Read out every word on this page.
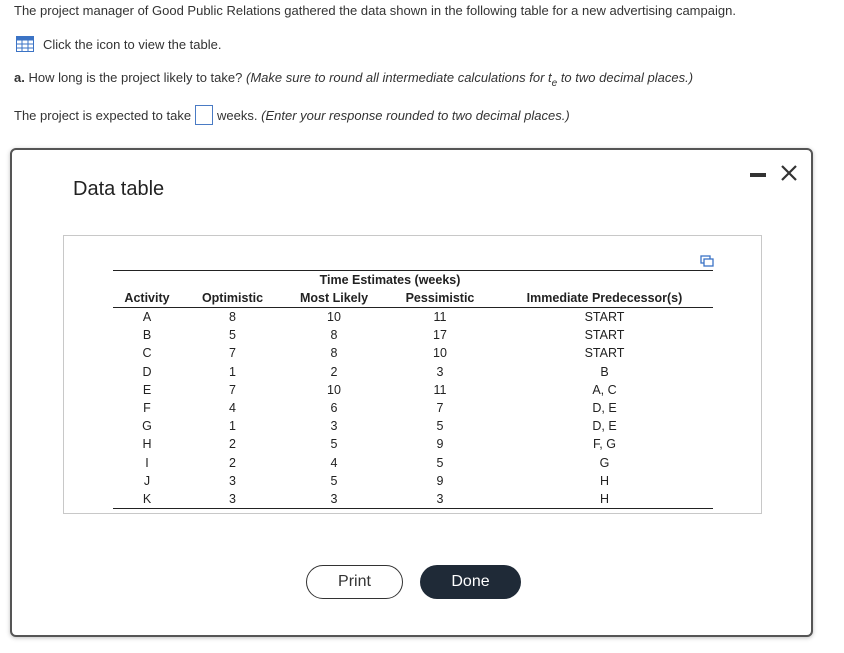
The project manager of Good Public Relations gathered the data shown in the following table for a new advertising campaign.
Click the icon to view the table.
a. How long is the project likely to take? (Make sure to round all intermediate calculations for $t_e$ to two decimal places.)
The project is expected to take weeks.
(Enter your response rounded to two decimal places.)
Data table
		Time Estimates (weeks)		
Activity	Optimistic	Most Likely	Pessimistic	Immediate Predecessor(s)
A	8	10	11	START
B	5	8	17	START
C	7	8	10	START
D	1	2	3	B
E	7	10	11	A, C
F	4	6	7	D, E
G	1	3	5	D, E
H	2	5	9	F, G
I	2	4	5	G
J	3	5	9	H
K	3	3	3	H
Print	Done
